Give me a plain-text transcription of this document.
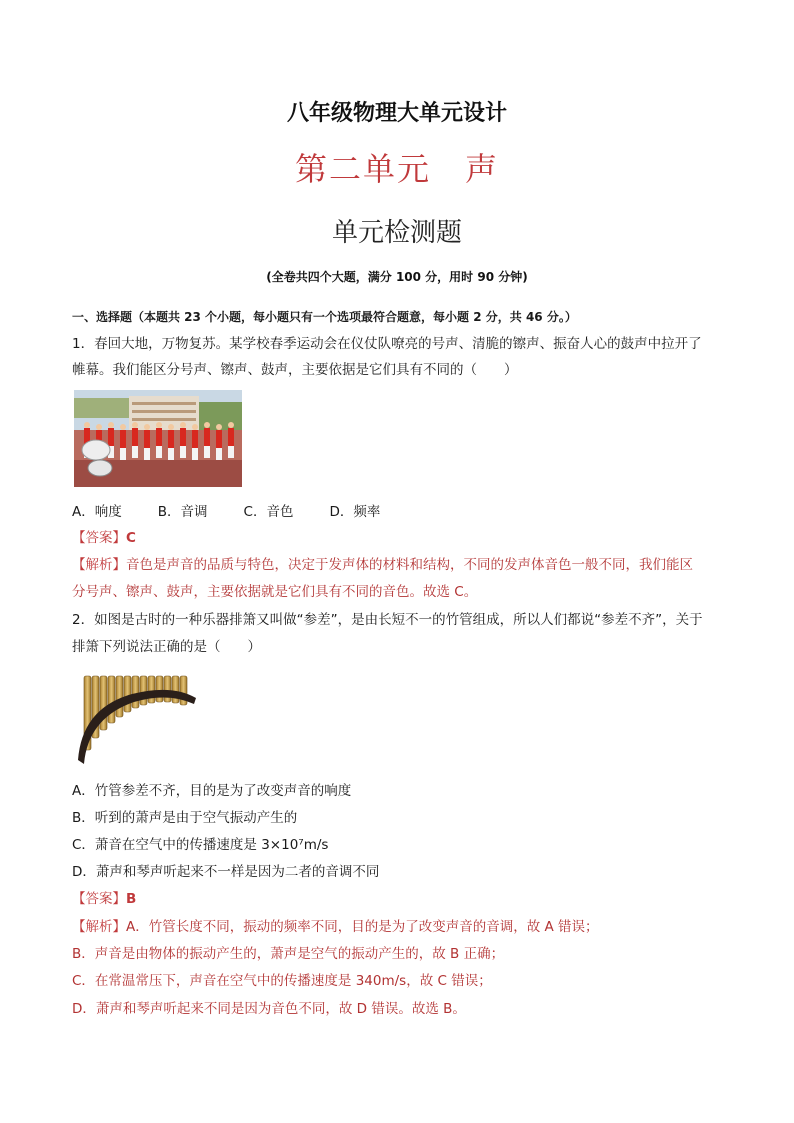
八年级物理大单元设计
第二单元 声
单元检测题
(全卷共四个大题，满分 100 分，用时 90 分钟)
一、选择题（本题共 23 个小题，每小题只有一个选项最符合题意，每小题 2 分，共 46 分。）
1．春回大地，万物复苏。某学校春季运动会在仪仗队嘹亮的号声、清脆的镲声、振奋人心的鼓声中拉开了
帷幕。我们能区分号声、镲声、鼓声，主要依据是它们具有不同的（　　）
A．响度	B．音调	C．音色	D．频率
【答案】C
【解析】音色是声音的品质与特色，决定于发声体的材料和结构，不同的发声体音色一般不同，我们能区
分号声、镲声、鼓声，主要依据就是它们具有不同的音色。故选 C。
2．如图是古时的一种乐器排箫又叫做“参差”，是由长短不一的竹管组成，所以人们都说“参差不齐”，关于
排箫下列说法正确的是（　　）
A．竹管参差不齐，目的是为了改变声音的响度
B．听到的萧声是由于空气振动产生的
C．萧音在空气中的传播速度是 3×10⁷m/s
D．萧声和琴声听起来不一样是因为二者的音调不同
【答案】B
【解析】A．竹管长度不同，振动的频率不同，目的是为了改变声音的音调，故 A 错误；
B．声音是由物体的振动产生的，萧声是空气的振动产生的，故 B 正确；
C．在常温常压下，声音在空气中的传播速度是 340m/s，故 C 错误；
D．萧声和琴声听起来不同是因为音色不同，故 D 错误。故选 B。
